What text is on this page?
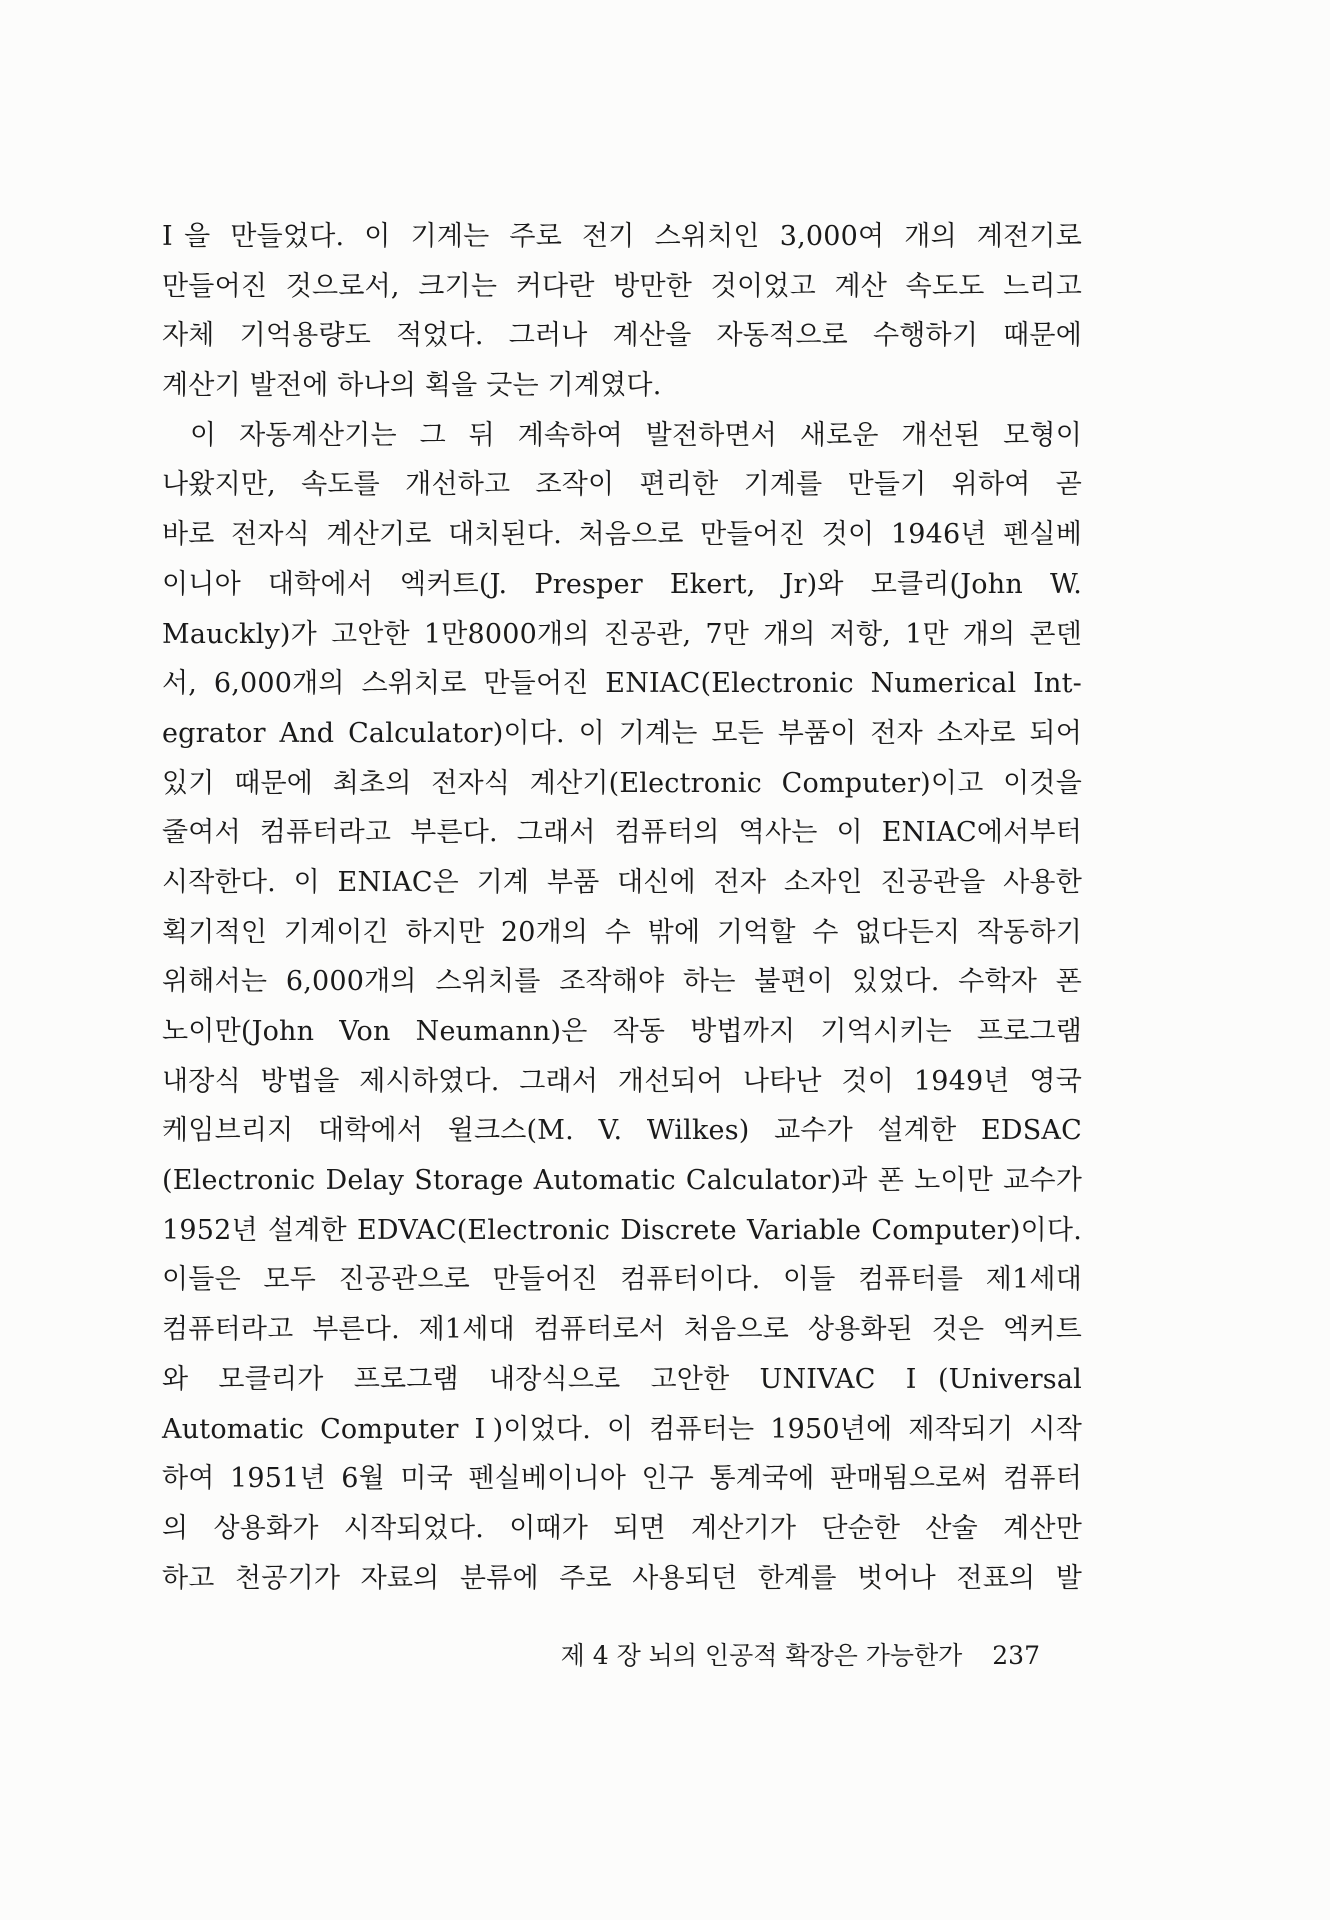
Ⅰ을 만들었다. 이 기계는 주로 전기 스위치인 3,000여 개의 계전기로
만들어진 것으로서, 크기는 커다란 방만한 것이었고 계산 속도도 느리고
자체 기억용량도 적었다. 그러나 계산을 자동적으로 수행하기 때문에
계산기 발전에 하나의 획을 긋는 기계였다.
이 자동계산기는 그 뒤 계속하여 발전하면서 새로운 개선된 모형이
나왔지만, 속도를 개선하고 조작이 편리한 기계를 만들기 위하여 곧
바로 전자식 계산기로 대치된다. 처음으로 만들어진 것이 1946년 펜실베
이니아 대학에서 엑커트(J. Presper Ekert, Jr)와 모클리(John W.
Mauckly)가 고안한 1만8000개의 진공관, 7만 개의 저항, 1만 개의 콘덴
서, 6,000개의 스위치로 만들어진 ENIAC(Electronic Numerical Int-
egrator And Calculator)이다. 이 기계는 모든 부품이 전자 소자로 되어
있기 때문에 최초의 전자식 계산기(Electronic Computer)이고 이것을
줄여서 컴퓨터라고 부른다. 그래서 컴퓨터의 역사는 이 ENIAC에서부터
시작한다. 이 ENIAC은 기계 부품 대신에 전자 소자인 진공관을 사용한
획기적인 기계이긴 하지만 20개의 수 밖에 기억할 수 없다든지 작동하기
위해서는 6,000개의 스위치를 조작해야 하는 불편이 있었다. 수학자 폰
노이만(John Von Neumann)은 작동 방법까지 기억시키는 프로그램
내장식 방법을 제시하였다. 그래서 개선되어 나타난 것이 1949년 영국
케임브리지 대학에서 윌크스(M. V. Wilkes) 교수가 설계한 EDSAC
(Electronic Delay Storage Automatic Calculator)과 폰 노이만 교수가
1952년 설계한 EDVAC(Electronic Discrete Variable Computer)이다.
이들은 모두 진공관으로 만들어진 컴퓨터이다. 이들 컴퓨터를 제1세대
컴퓨터라고 부른다. 제1세대 컴퓨터로서 처음으로 상용화된 것은 엑커트
와 모클리가 프로그램 내장식으로 고안한 UNIVAC Ⅰ(Universal
Automatic Computer Ⅰ)이었다. 이 컴퓨터는 1950년에 제작되기 시작
하여 1951년 6월 미국 펜실베이니아 인구 통계국에 판매됨으로써 컴퓨터
의 상용화가 시작되었다. 이때가 되면 계산기가 단순한 산술 계산만
하고 천공기가 자료의 분류에 주로 사용되던 한계를 벗어나 전표의 발
제 4 장 뇌의 인공적 확장은 가능한가 237
